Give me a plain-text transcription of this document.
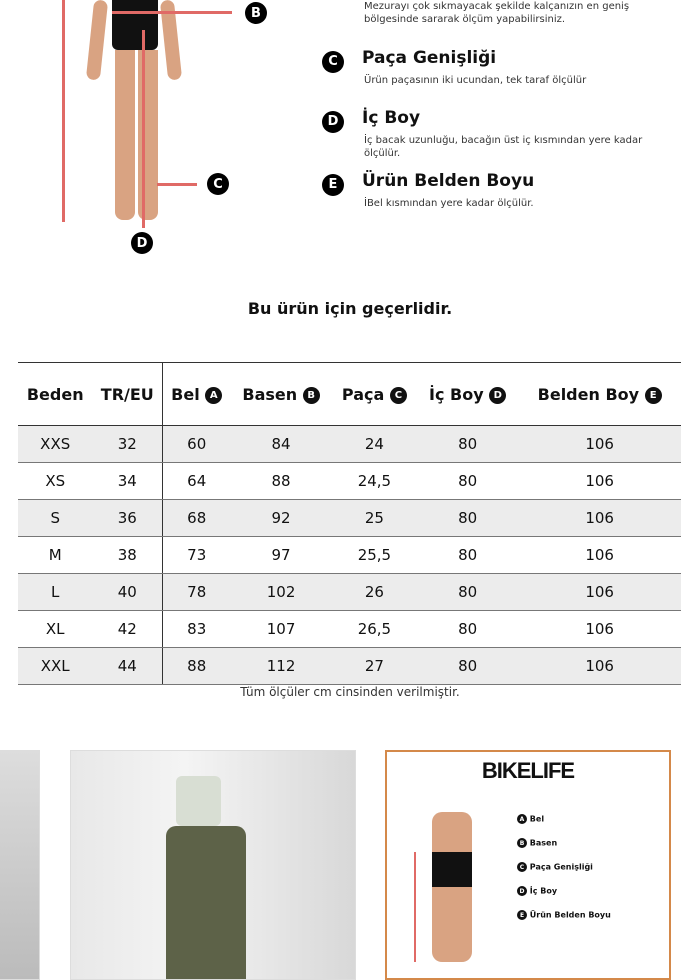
B
C
D
Mezurayı çok sıkmayacak şekilde kalçanızın en geniş bölgesinde sararak ölçüm yapabilirsiniz.
C Paça Genişliği
Ürün paçasının iki ucundan, tek taraf ölçülür
D İç Boy
İç bacak uzunluğu, bacağın üst iç kısmından yere kadar ölçülür.
E Ürün Belden Boyu
İBel kısmından yere kadar ölçülür.
Bu ürün için geçerlidir.
Beden	TR/EU	Bel A	Basen B	Paça C	İç Boy D	Belden Boy E
XXS	32	60	84	24	80	106
XS	34	64	88	24,5	80	106
S	36	68	92	25	80	106
M	38	73	97	25,5	80	106
L	40	78	102	26	80	106
XL	42	83	107	26,5	80	106
XXL	44	88	112	27	80	106
Tüm ölçüler cm cinsinden verilmiştir.
BIKELIFE
A Bel
B Basen
C Paça Genişliği
D İç Boy
E Ürün Belden Boyu
